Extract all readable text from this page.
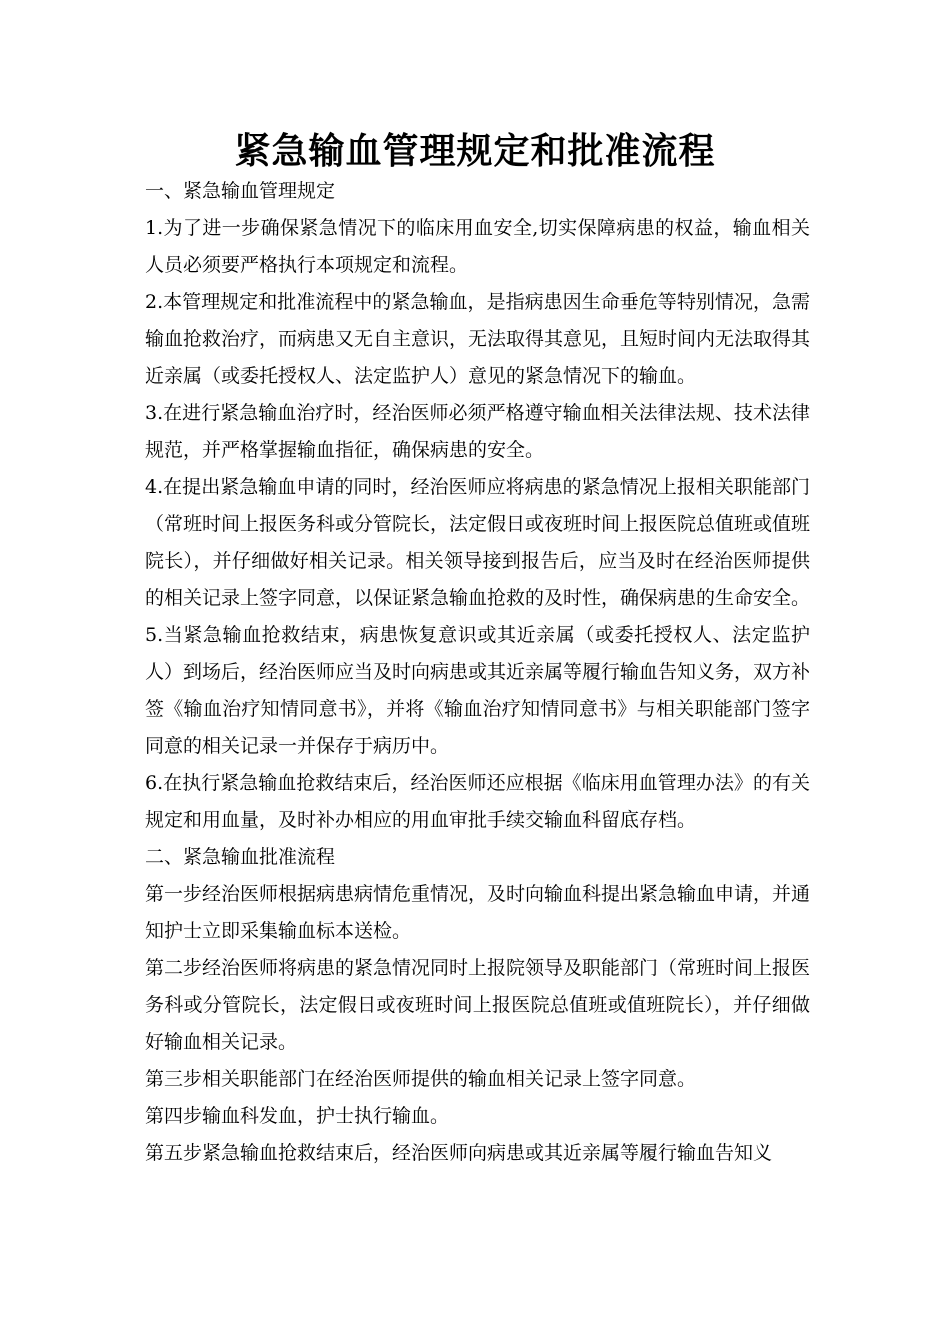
紧急输血管理规定和批准流程

一、紧急输血管理规定

1.为了进一步确保紧急情况下的临床用血安全,切实保障病患的权益，输血相关人员必须要严格执行本项规定和流程。

2.本管理规定和批准流程中的紧急输血，是指病患因生命垂危等特别情况，急需输血抢救治疗，而病患又无自主意识，无法取得其意见，且短时间内无法取得其近亲属（或委托授权人、法定监护人）意见的紧急情况下的输血。

3.在进行紧急输血治疗时，经治医师必须严格遵守输血相关法律法规、技术法律规范，并严格掌握输血指征，确保病患的安全。

4.在提出紧急输血申请的同时，经治医师应将病患的紧急情况上报相关职能部门（常班时间上报医务科或分管院长，法定假日或夜班时间上报医院总值班或值班院长），并仔细做好相关记录。相关领导接到报告后，应当及时在经治医师提供的相关记录上签字同意，以保证紧急输血抢救的及时性，确保病患的生命安全。

5.当紧急输血抢救结束，病患恢复意识或其近亲属（或委托授权人、法定监护人）到场后，经治医师应当及时向病患或其近亲属等履行输血告知义务，双方补签《输血治疗知情同意书》，并将《输血治疗知情同意书》与相关职能部门签字同意的相关记录一并保存于病历中。

6.在执行紧急输血抢救结束后，经治医师还应根据《临床用血管理办法》的有关规定和用血量，及时补办相应的用血审批手续交输血科留底存档。

二、紧急输血批准流程

第一步经治医师根据病患病情危重情况，及时向输血科提出紧急输血申请，并通知护士立即采集输血标本送检。

第二步经治医师将病患的紧急情况同时上报院领导及职能部门（常班时间上报医务科或分管院长，法定假日或夜班时间上报医院总值班或值班院长），并仔细做好输血相关记录。

第三步相关职能部门在经治医师提供的输血相关记录上签字同意。

第四步输血科发血，护士执行输血。

第五步紧急输血抢救结束后，经治医师向病患或其近亲属等履行输血告知义
